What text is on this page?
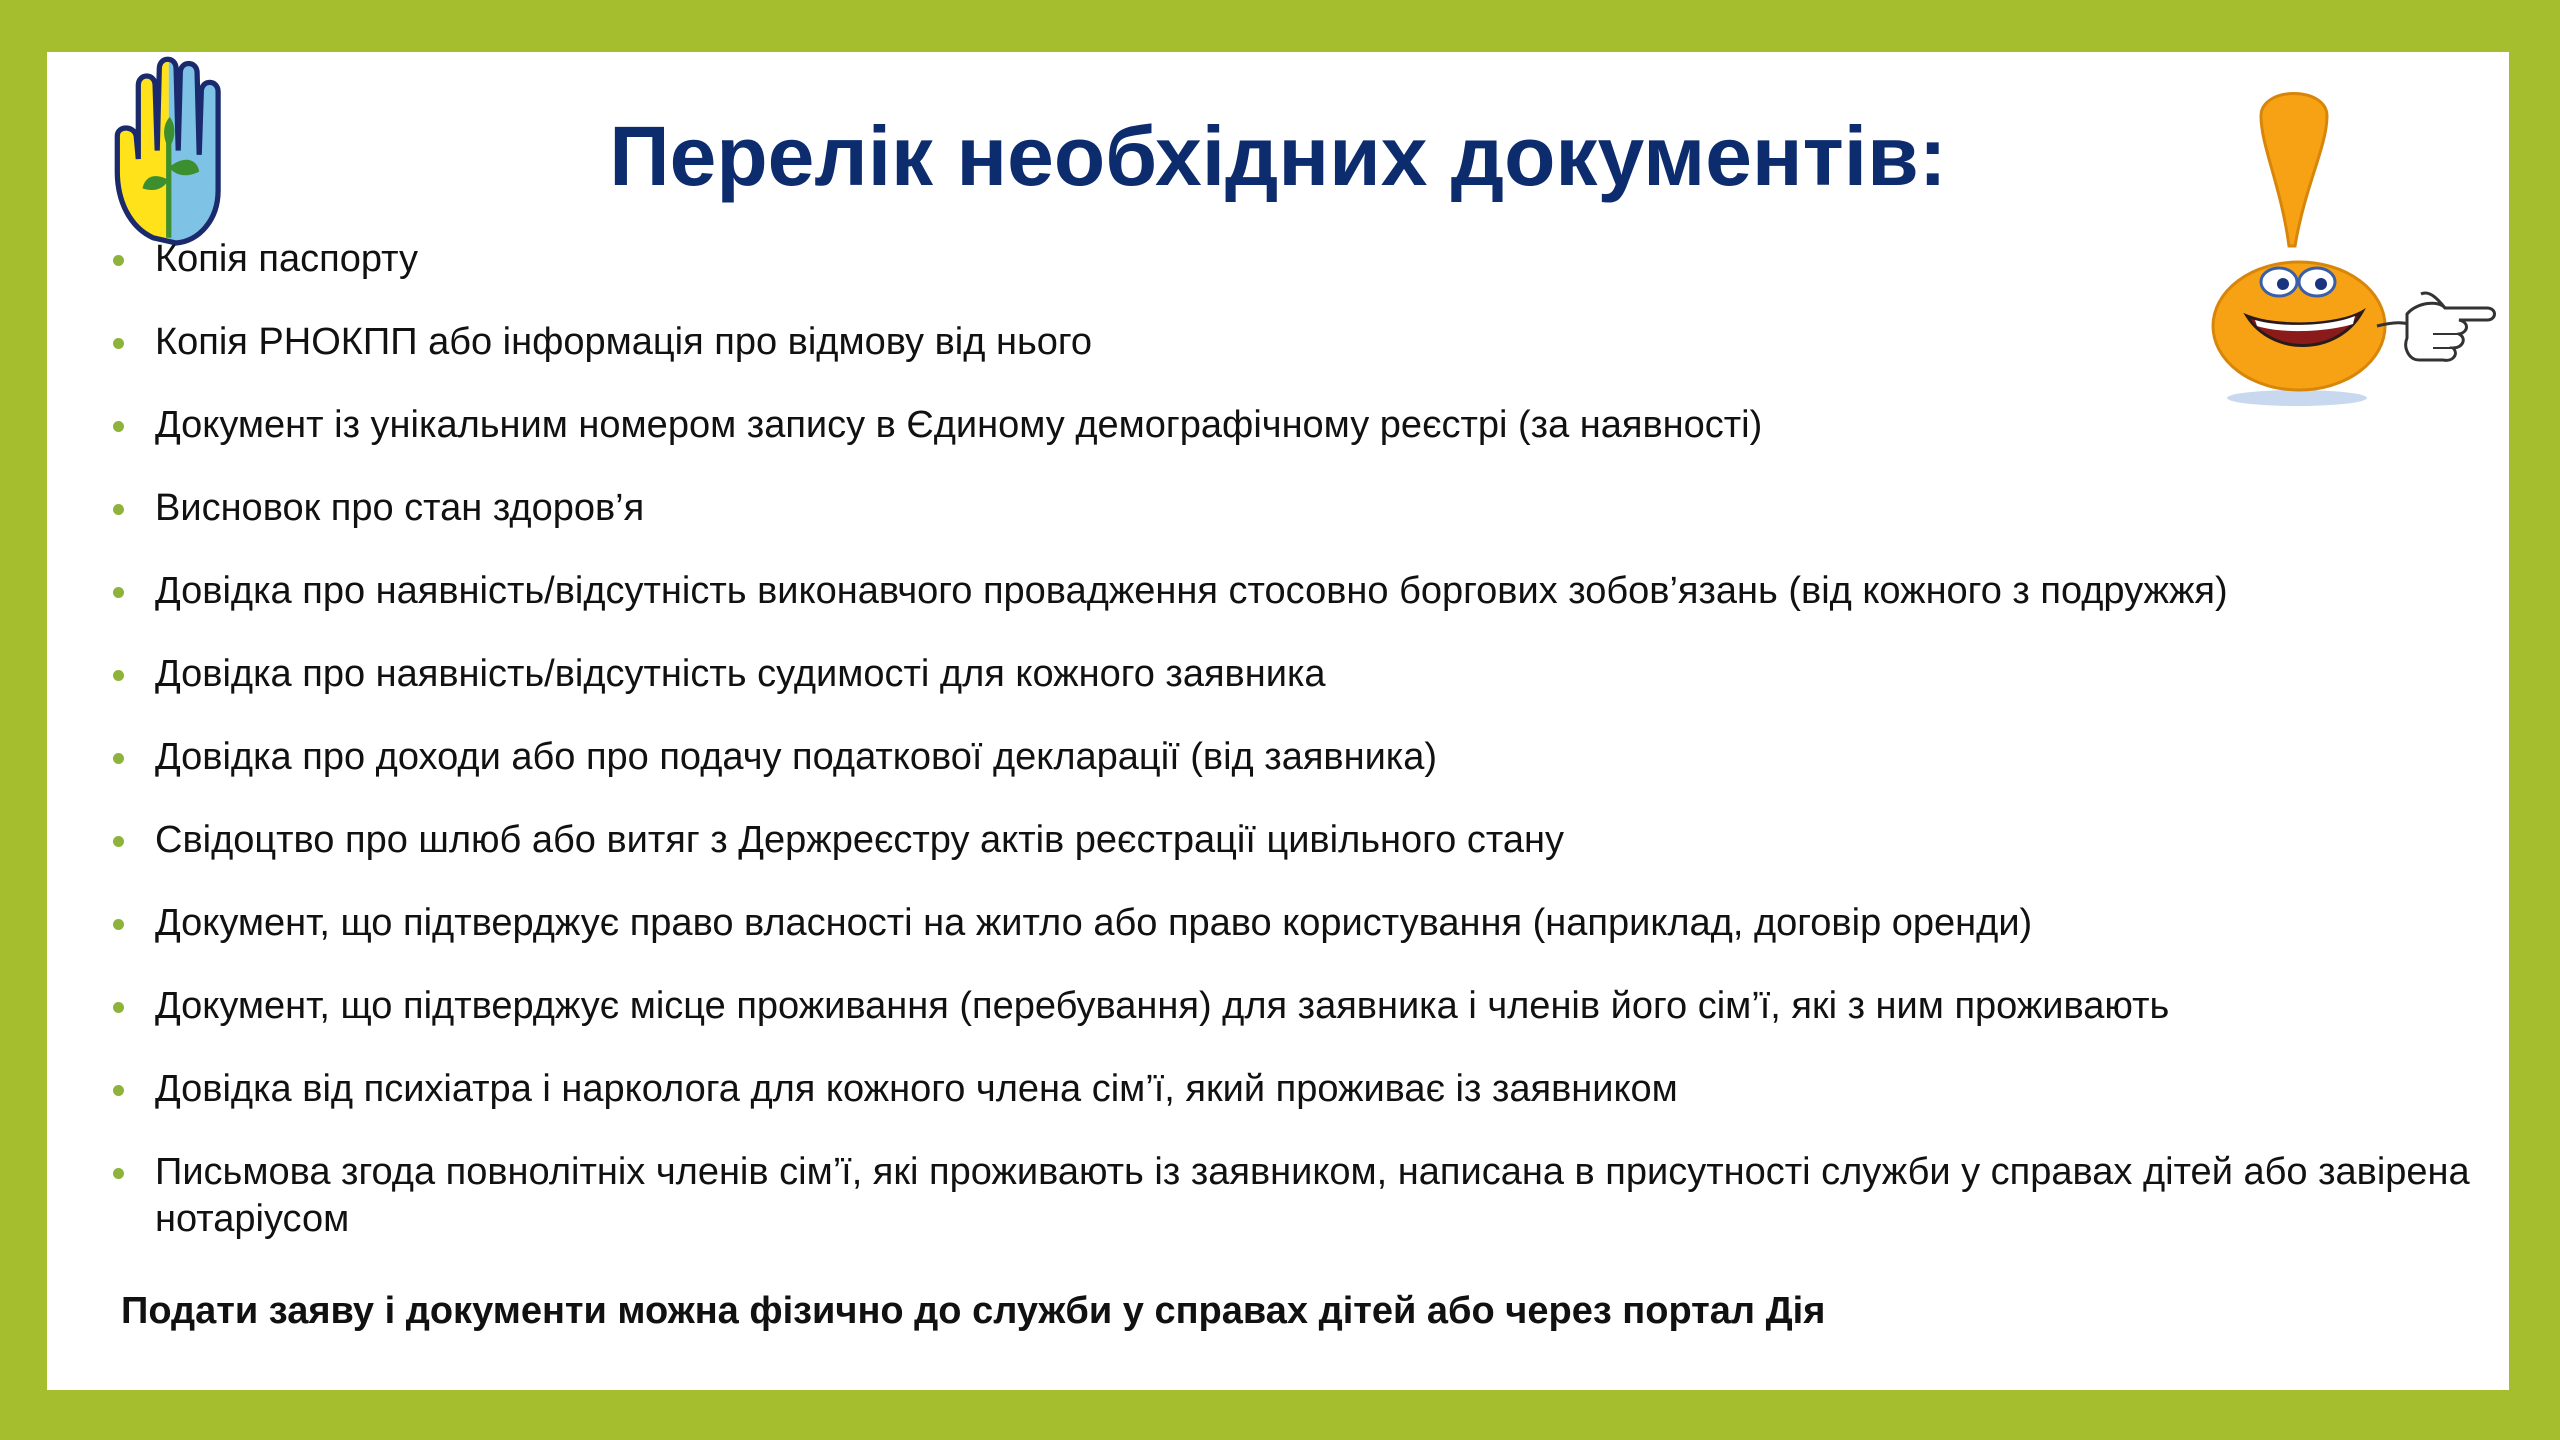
Перелік необхідних документів:
Копія паспорту
Копія РНОКПП або інформація про відмову від нього
Документ із унікальним номером запису в Єдиному демографічному реєстрі (за наявності)
Висновок про стан здоров’я
Довідка про наявність/відсутність виконавчого провадження стосовно боргових зобов’язань (від кожного з подружжя)
Довідка про наявність/відсутність судимості для кожного заявника
Довідка про доходи або про подачу податкової декларації (від заявника)
Свідоцтво про шлюб або витяг з Держреєстру актів реєстрації цивільного стану
Документ, що підтверджує право власності на житло або право користування (наприклад, договір оренди)
Документ, що підтверджує місце проживання (перебування) для заявника і членів його сім’ї, які з ним проживають
Довідка від психіатра і нарколога для кожного члена сім’ї, який проживає із заявником
Письмова згода повнолітніх членів сім’ї, які проживають із заявником, написана в присутності служби у справах дітей або завірена нотаріусом

Подати заяву і документи можна фізично до служби у справах дітей або через портал Дія
